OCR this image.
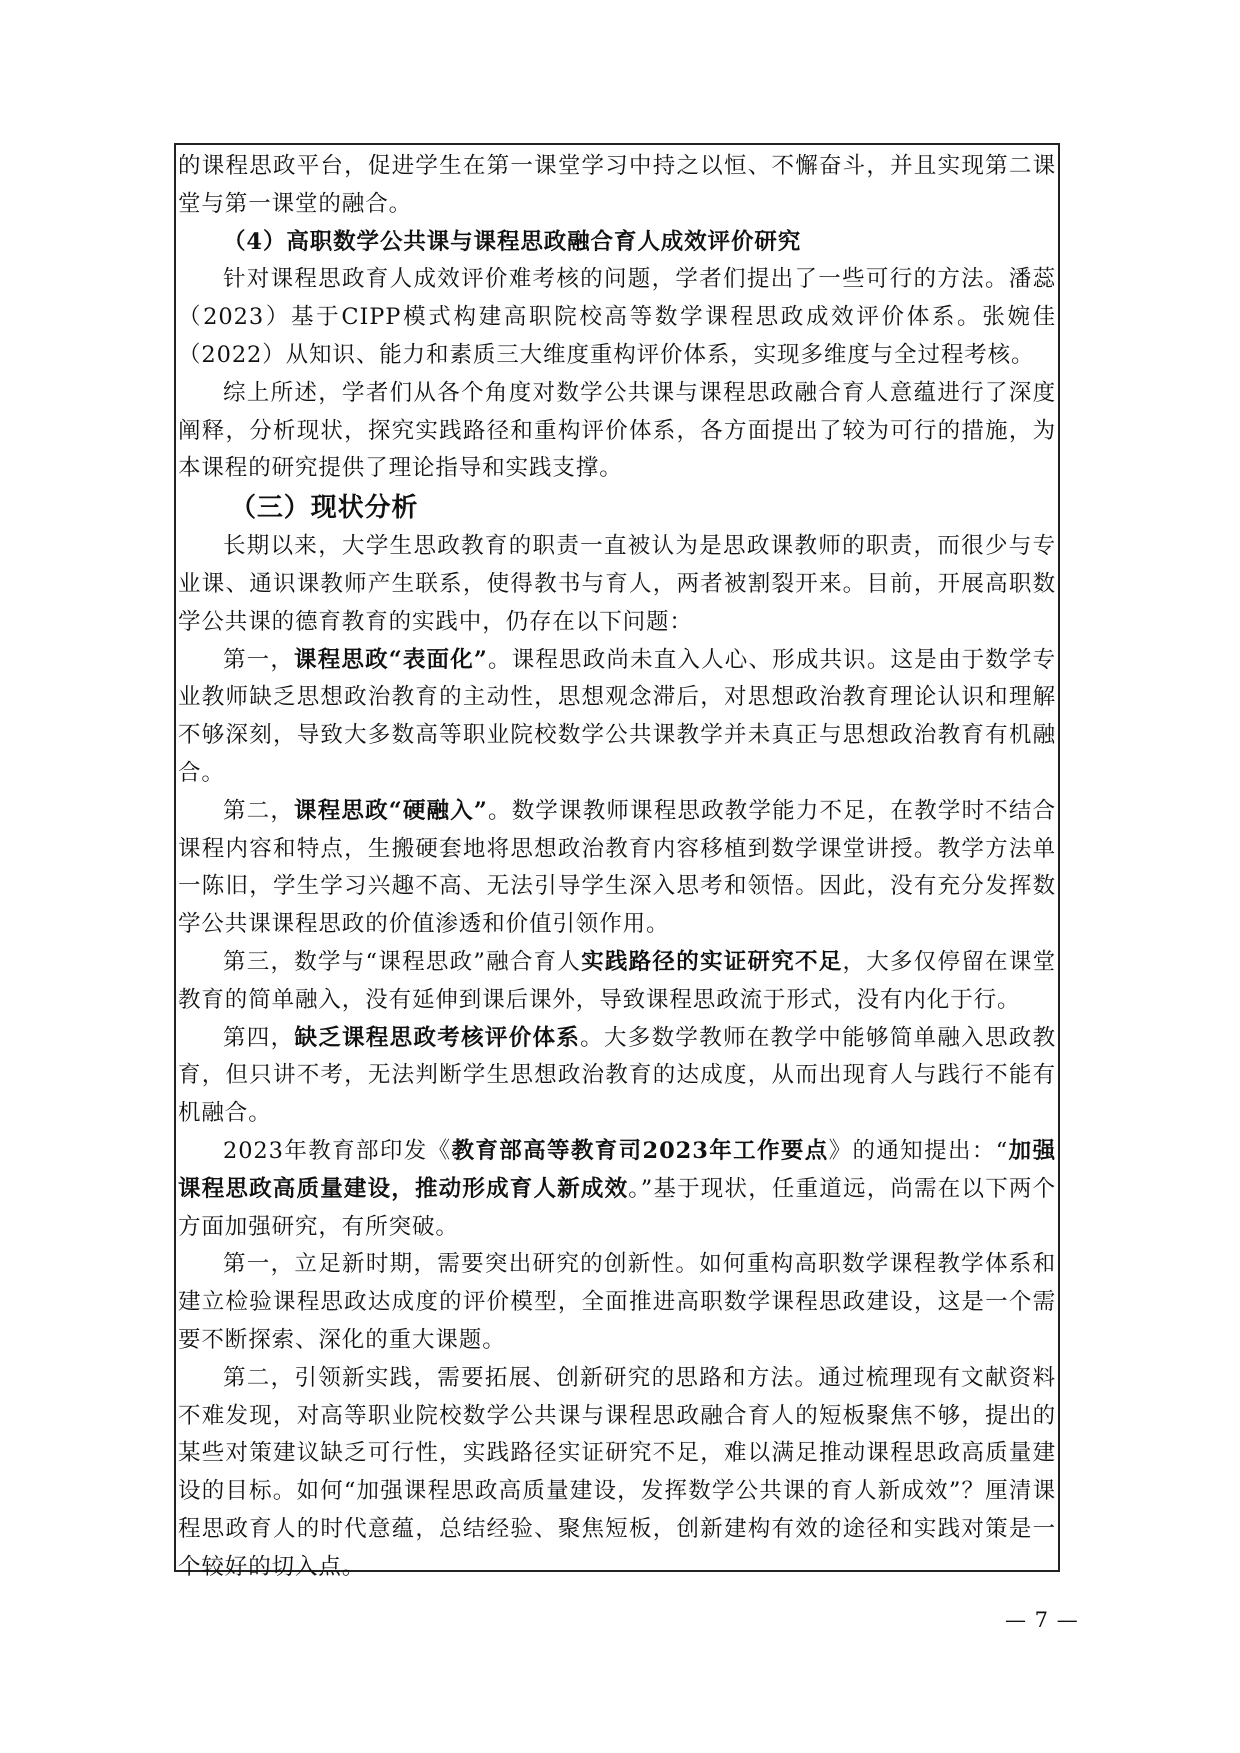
的课程思政平台，促进学生在第一课堂学习中持之以恒、不懈奋斗，并且实现第二课堂与第一课堂的融合。

（4）高职数学公共课与课程思政融合育人成效评价研究

针对课程思政育人成效评价难考核的问题，学者们提出了一些可行的方法。潘蕊（2023）基于CIPP模式构建高职院校高等数学课程思政成效评价体系。张婉佳（2022）从知识、能力和素质三大维度重构评价体系，实现多维度与全过程考核。

综上所述，学者们从各个角度对数学公共课与课程思政融合育人意蕴进行了深度阐释，分析现状，探究实践路径和重构评价体系，各方面提出了较为可行的措施，为本课程的研究提供了理论指导和实践支撑。

（三）现状分析

长期以来，大学生思政教育的职责一直被认为是思政课教师的职责，而很少与专业课、通识课教师产生联系，使得教书与育人，两者被割裂开来。目前，开展高职数学公共课的德育教育的实践中，仍存在以下问题：

第一，课程思政“表面化”。课程思政尚未直入人心、形成共识。这是由于数学专业教师缺乏思想政治教育的主动性，思想观念滞后，对思想政治教育理论认识和理解不够深刻，导致大多数高等职业院校数学公共课教学并未真正与思想政治教育有机融合。

第二，课程思政“硬融入”。数学课教师课程思政教学能力不足，在教学时不结合课程内容和特点，生搬硬套地将思想政治教育内容移植到数学课堂讲授。教学方法单一陈旧，学生学习兴趣不高、无法引导学生深入思考和领悟。因此，没有充分发挥数学公共课课程思政的价值渗透和价值引领作用。

第三，数学与“课程思政”融合育人实践路径的实证研究不足，大多仅停留在课堂教育的简单融入，没有延伸到课后课外，导致课程思政流于形式，没有内化于行。

第四，缺乏课程思政考核评价体系。大多数学教师在教学中能够简单融入思政教育，但只讲不考，无法判断学生思想政治教育的达成度，从而出现育人与践行不能有机融合。

2023年教育部印发《教育部高等教育司2023年工作要点》的通知提出：“加强课程思政高质量建设，推动形成育人新成效。”基于现状，任重道远，尚需在以下两个方面加强研究，有所突破。

第一，立足新时期，需要突出研究的创新性。如何重构高职数学课程教学体系和建立检验课程思政达成度的评价模型，全面推进高职数学课程思政建设，这是一个需要不断探索、深化的重大课题。

第二，引领新实践，需要拓展、创新研究的思路和方法。通过梳理现有文献资料不难发现，对高等职业院校数学公共课与课程思政融合育人的短板聚焦不够，提出的某些对策建议缺乏可行性，实践路径实证研究不足，难以满足推动课程思政高质量建设的目标。如何“加强课程思政高质量建设，发挥数学公共课的育人新成效”？厘清课程思政育人的时代意蕴，总结经验、聚焦短板，创新建构有效的途径和实践对策是一个较好的切入点。

— 7 —
